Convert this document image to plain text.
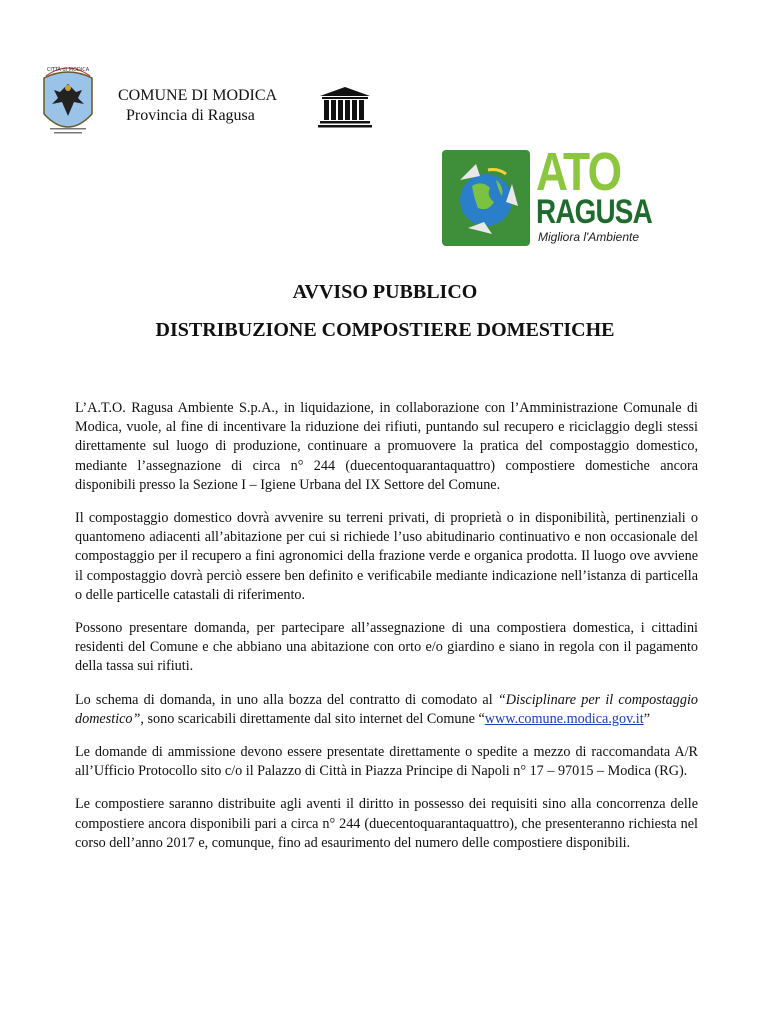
CITTÀ di MODICA
COMUNE DI MODICA
Provincia di Ragusa
ATO
RAGUSA
Migliora l'Ambiente
AVVISO PUBBLICO
DISTRIBUZIONE COMPOSTIERE DOMESTICHE

L’A.T.O. Ragusa Ambiente S.p.A., in liquidazione, in collaborazione con l’Amministrazione Comunale di Modica, vuole, al fine di incentivare la riduzione dei rifiuti, puntando sul recupero e riciclaggio degli stessi direttamente sul luogo di produzione, continuare a promuovere la pratica del compostaggio domestico, mediante l’assegnazione di circa n° 244 (duecentoquarantaquattro) compostiere domestiche ancora disponibili presso la Sezione I – Igiene Urbana del IX Settore del Comune.

Il compostaggio domestico dovrà avvenire su terreni privati, di proprietà o in disponibilità, pertinenziali o quantomeno adiacenti all’abitazione per cui si richiede l’uso abitudinario continuativo e non occasionale del compostaggio per il recupero a fini agronomici della frazione verde e organica prodotta. Il luogo ove avviene il compostaggio dovrà perciò essere ben definito e verificabile mediante indicazione nell’istanza di particella o delle particelle catastali di riferimento.

Possono presentare domanda, per partecipare all’assegnazione di una compostiera domestica, i cittadini residenti del Comune e che abbiano una abitazione con orto e/o giardino e siano in regola con il pagamento della tassa sui rifiuti.

Lo schema di domanda, in uno alla bozza del contratto di comodato al “Disciplinare per il compostaggio domestico”, sono scaricabili direttamente dal sito internet del Comune “www.comune.modica.gov.it”

Le domande di ammissione devono essere presentate direttamente o spedite a mezzo di raccomandata A/R all’Ufficio Protocollo sito c/o il Palazzo di Città in Piazza Principe di Napoli n° 17 – 97015 – Modica (RG).

Le compostiere saranno distribuite agli aventi il diritto in possesso dei requisiti sino alla concorrenza delle compostiere ancora disponibili pari a circa n° 244 (duecentoquarantaquattro), che presenteranno richiesta nel corso dell’anno 2017 e, comunque, fino ad esaurimento del numero delle compostiere disponibili.
